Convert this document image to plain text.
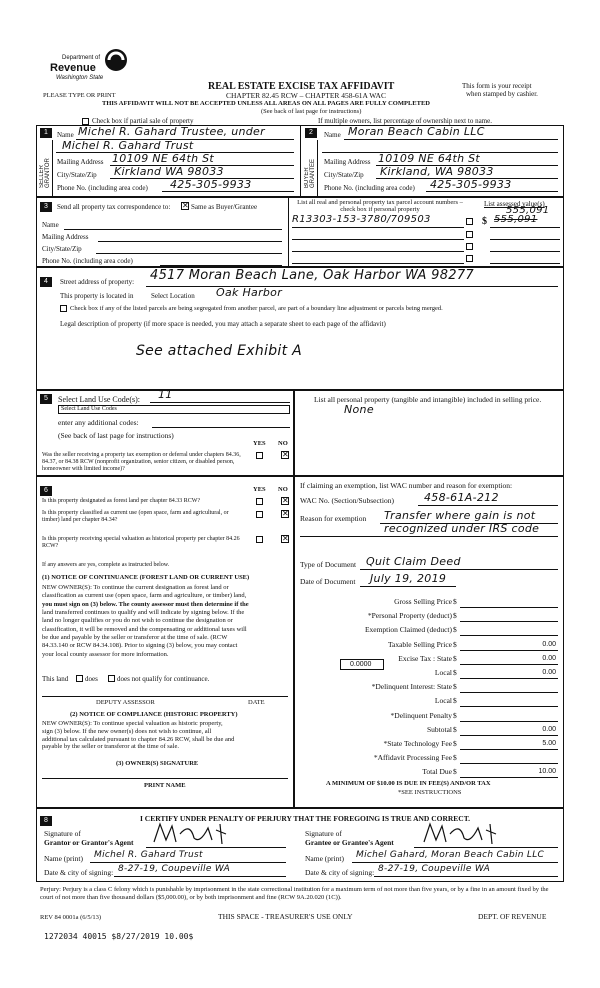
Department of
Revenue
Washington State
REAL ESTATE EXCISE TAX AFFIDAVIT
CHAPTER 82.45 RCW – CHAPTER 458-61A WAC
This form is your receipt
when stamped by cashier.
PLEASE TYPE OR PRINT
THIS AFFIDAVIT WILL NOT BE ACCEPTED UNLESS ALL AREAS ON ALL PAGES ARE FULLY COMPLETED
(See back of last page for instructions)
Check box if partial sale of property	If multiple owners, list percentage of ownership next to name.
1
SELLER GRANTOR
Name Michel R. Gahard Trustee, under
Michel R. Gahard Trust
Mailing Address 10109 NE 64th St
City/State/Zip Kirkland WA 98033
Phone No. (including area code) 425-305-9933
2
BUYER GRANTEE
Name Moran Beach Cabin LLC
Mailing Address 10109 NE 64th St
City/State/Zip Kirkland, WA 98033
Phone No. (including area code) 425-305-9933
3	Send all property tax correspondence to: ✕ Same as Buyer/Grantee
Name
Mailing Address
City/State/Zip
Phone No. (including area code)
List all real and personal property tax parcel account numbers – check box if personal property
List assessed value(s)
R13303-153-3780/709503	$
555,091
555,091
4	Street address of property: 4517 Moran Beach Lane, Oak Harbor WA 98277
This property is located in	Select Location Oak Harbor
Check box if any of the listed parcels are being segregated from another parcel, are part of a boundary line adjustment or parcels being merged.
Legal description of property (if more space is needed, you may attach a separate sheet to each page of the affidavit)
See attached Exhibit A
5	Select Land Use Code(s): 11
Select Land Use Codes
enter any additional codes:
(See back of last page for instructions)
YES NO
Was the seller receiving a property tax exemption or deferral under chapters 84.36, 84.37, or 84.38 RCW (nonprofit organization, senior citizen, or disabled person, homeowner with limited income)?
✕
List all personal property (tangible and intangible) included in selling price.
None
6	YES NO
Is this property designated as forest land per chapter 84.33 RCW?	✕
Is this property classified as current use (open space, farm and agricultural, or timber) land per chapter 84.34?
✕
Is this property receiving special valuation as historical property per chapter 84.26 RCW?
✕
If any answers are yes, complete as instructed below.
(1) NOTICE OF CONTINUANCE (FOREST LAND OR CURRENT USE)
NEW OWNER(S): To continue the current designation as forest land or
classification as current use (open space, farm and agriculture, or timber) land,
you must sign on (3) below. The county assessor must then determine if the
land transferred continues to qualify and will indicate by signing below. If the
land no longer qualifies or you do not wish to continue the designation or
classification, it will be removed and the compensating or additional taxes will
be due and payable by the seller or transferor at the time of sale. (RCW
84.33.140 or RCW 84.34.108). Prior to signing (3) below, you may contact
your local county assessor for more information.
This land does	does not qualify for continuance.
DEPUTY ASSESSOR	DATE
(2) NOTICE OF COMPLIANCE (HISTORIC PROPERTY)
NEW OWNER(S): To continue special valuation as historic property,
sign (3) below. If the new owner(s) does not wish to continue, all
additional tax calculated pursuant to chapter 84.26 RCW, shall be due and
payable by the seller or transferor at the time of sale.
(3) OWNER(S) SIGNATURE
PRINT NAME
If claiming an exemption, list WAC number and reason for exemption:
WAC No. (Section/Subsection)	458-61A-212
Reason for exemption Transfer where gain is not
recognized under IRS code
Type of Document Quit Claim Deed
Date of Document July 19, 2019
Gross Selling Price $
*Personal Property (deduct) $
Exemption Claimed (deduct) $
Taxable Selling Price $	0.00
Excise Tax : State $	0.00
Local $	0.00
*Delinquent Interest: State $
Local $
*Delinquent Penalty $
Subtotal $	0.00
*State Technology Fee $	5.00
*Affidavit Processing Fee $
Total Due $	10.00
0.0000
A MINIMUM OF $10.00 IS DUE IN FEE(S) AND/OR TAX
*SEE INSTRUCTIONS
8	I CERTIFY UNDER PENALTY OF PERJURY THAT THE FOREGOING IS TRUE AND CORRECT.
Signature of
Grantor or Grantor's Agent
Name (print) Michel R. Gahard Trust
Date & city of signing: 8-27-19, Coupeville WA
Signature of
Grantee or Grantee's Agent
Name (print) Michel Gahard, Moran Beach Cabin LLC
Date & city of signing: 8-27-19, Coupeville WA
Perjury: Perjury is a class C felony which is punishable by imprisonment in the state correctional institution for a maximum term of not more than five years, or by a fine in an amount fixed by the court of not more than five thousand dollars ($5,000.00), or by both imprisonment and fine (RCW 9A.20.020 (1C)).
REV 84 0001a (6/5/13)	THIS SPACE - TREASURER'S USE ONLY	DEPT. OF REVENUE
1272034 40015 $8/27/2019 10.00$
